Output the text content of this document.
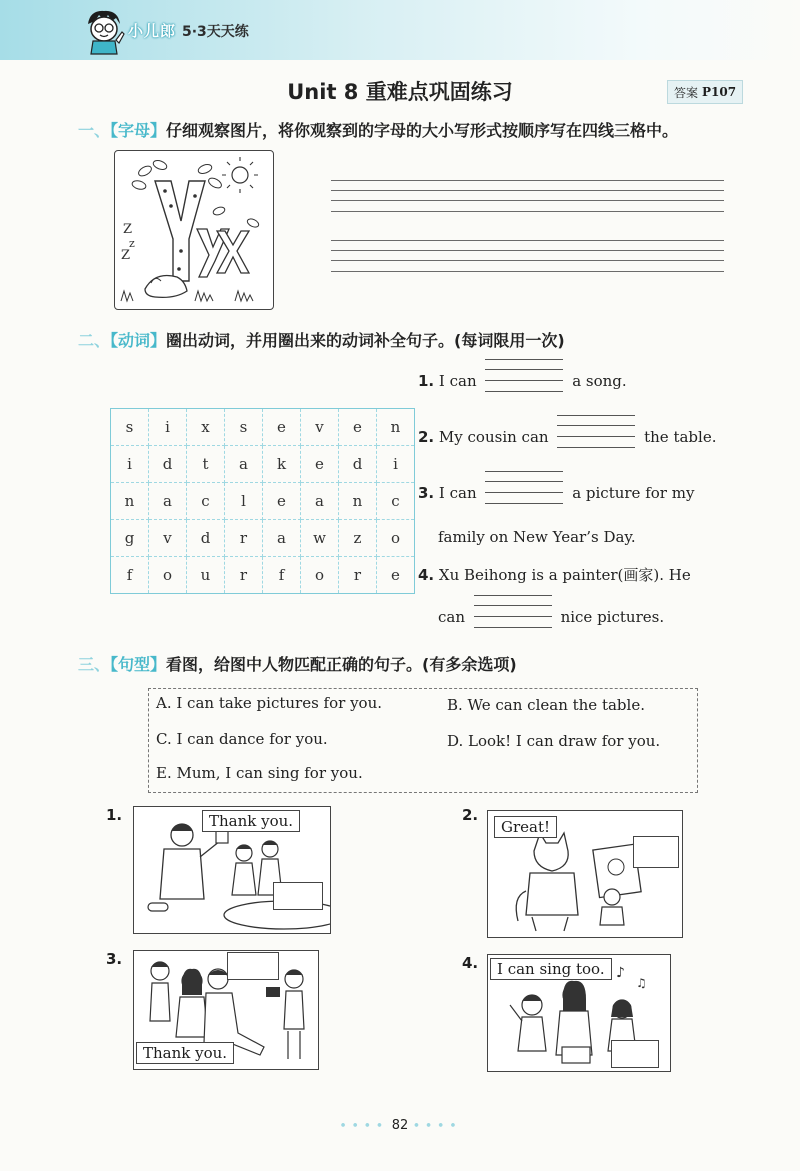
小儿郎 5·3天天练
Unit 8 重难点巩固练习	答案 P107
一、【字母】仔细观察图片，将你观察到的字母的大小写形式按顺序写在四线三格中。
Z
z
Z
二、【动词】圈出动词，并用圈出来的动词补全句子。(每词限用一次)
s	i	x	s	e	v	e	n
i	d	t	a	k	e	d	i
n	a	c	l	e	a	n	c
g	v	d	r	a	w	z	o
f	o	u	r	f	o	r	e
1. I can	a song.
2. My cousin can	the table.
3. I can	a picture for my
family on New Year’s Day.
4. Xu Beihong is a painter(画家). He
can	nice pictures.
三、【句型】看图，给图中人物匹配正确的句子。(有多余选项)
A. I can take pictures for you.	B. We can clean the table.
C. I can dance for you.	D. Look! I can draw for you.
E. Mum, I can sing for you.
1.	Thank you.	2.
Great!
3.
Thank you.
4.
♪
♫
I can sing too.
∙∙∙∙ 82 ∙∙∙∙
